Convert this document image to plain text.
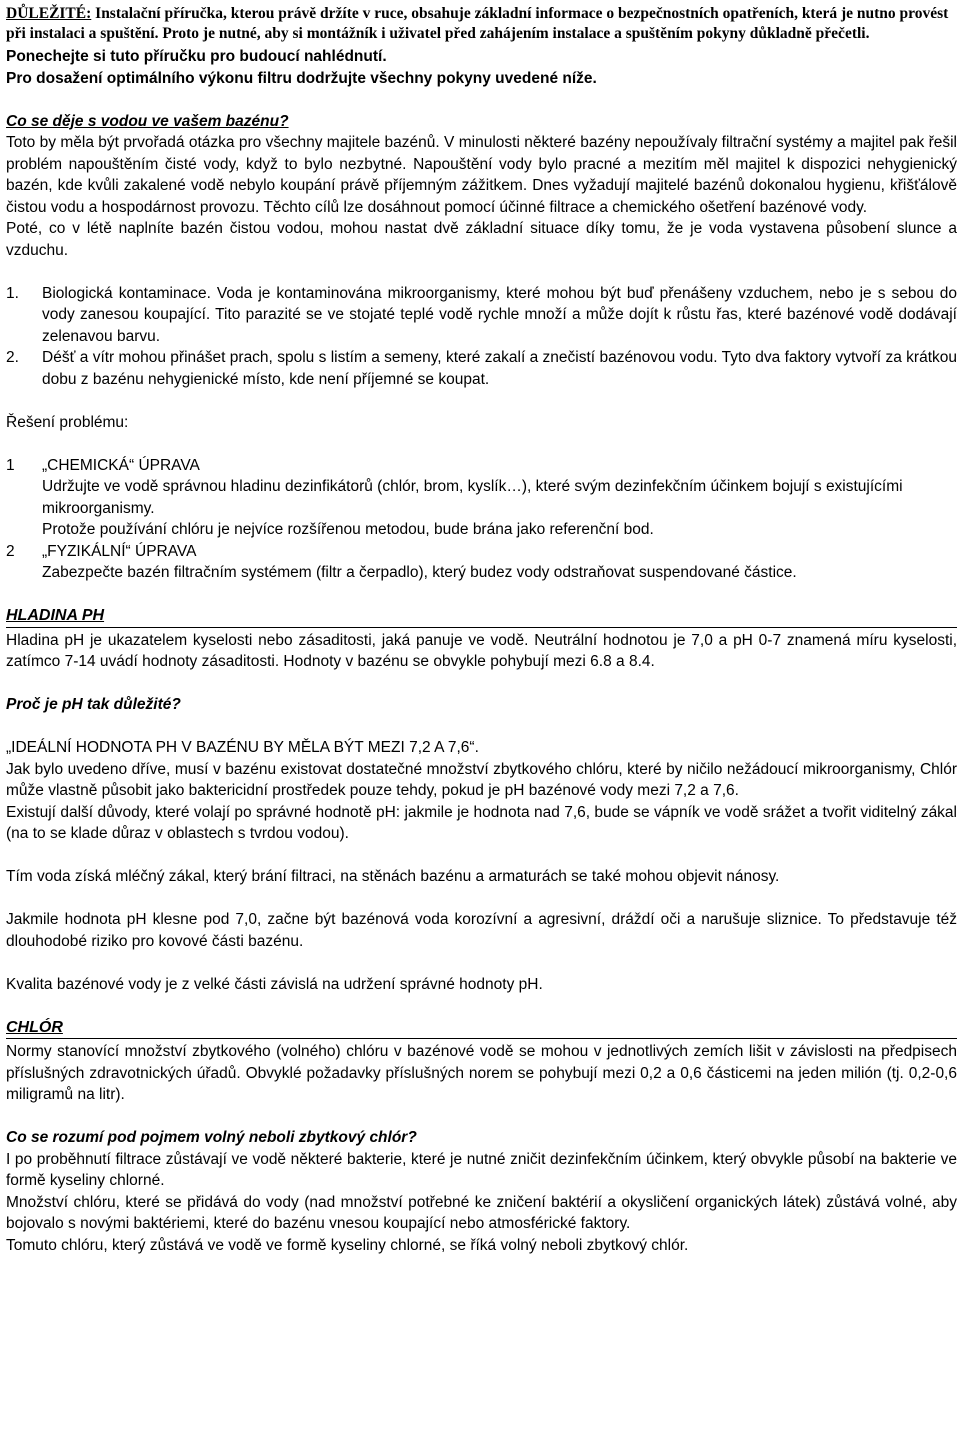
DŮLEŽITÉ: Instalační příručka, kterou právě držíte v ruce, obsahuje základní informace o bezpečnostních opatřeních, která je nutno provést při instalaci a spuštění. Proto je nutné, aby si montážník i uživatel před zahájením instalace a spuštěním pokyny důkladně přečetli.

Ponechejte si tuto příručku pro budoucí nahlédnutí.

Pro dosažení optimálního výkonu filtru dodržujte všechny pokyny uvedené níže.

Co se děje s vodou ve vašem bazénu?

Toto by měla být prvořadá otázka pro všechny majitele bazénů. V minulosti některé bazény nepoužívaly filtrační systémy a majitel pak řešil problém napouštěním čisté vody, když to bylo nezbytné. Napouštění vody bylo pracné a mezitím měl majitel k dispozici nehygienický bazén, kde kvůli zakalené vodě nebylo koupání právě příjemným zážitkem. Dnes vyžadují majitelé bazénů dokonalou hygienu, křišťálově čistou vodu a hospodárnost provozu. Těchto cílů lze dosáhnout pomocí účinné filtrace a chemického ošetření bazénové vody.

Poté, co v létě naplníte bazén čistou vodou, mohou nastat dvě základní situace díky tomu, že je voda vystavena působení slunce a vzduchu.

1. Biologická kontaminace. Voda je kontaminována mikroorganismy, které mohou být buď přenášeny vzduchem, nebo je s sebou do vody zanesou koupající. Tito parazité se ve stojaté teplé vodě rychle množí a může dojít k růstu řas, které bazénové vodě dodávají zelenavou barvu.
2. Déšť a vítr mohou přinášet prach, spolu s listím a semeny, které zakalí a znečistí bazénovou vodu. Tyto dva faktory vytvoří za krátkou dobu z bazénu nehygienické místo, kde není příjemné se koupat.

Řešení problému:

1 „CHEMICKÁ“ ÚPRAVA

Udržujte ve vodě správnou hladinu dezinfikátorů (chlór, brom, kyslík…), které svým dezinfekčním účinkem bojují s existujícími mikroorganismy.

Protože používání chlóru je nejvíce rozšířenou metodou, bude brána jako referenční bod.

2 „FYZIKÁLNÍ“ ÚPRAVA

Zabezpečte bazén filtračním systémem (filtr a čerpadlo), který budez vody odstraňovat suspendované částice.

HLADINA PH

Hladina pH je ukazatelem kyselosti nebo zásaditosti, jaká panuje ve vodě. Neutrální hodnotou je 7,0 a pH 0-7 znamená míru kyselosti, zatímco 7-14 uvádí hodnoty zásaditosti. Hodnoty v bazénu se obvykle pohybují mezi 6.8 a 8.4.

Proč je pH tak důležité?

„IDEÁLNÍ HODNOTA PH V BAZÉNU BY MĚLA BÝT MEZI 7,2 A 7,6“.

Jak bylo uvedeno dříve, musí v bazénu existovat dostatečné množství zbytkového chlóru, které by ničilo nežádoucí mikroorganismy, Chlór může vlastně působit jako baktericidní prostředek pouze tehdy, pokud je pH bazénové vody mezi 7,2 a 7,6.

Existují další důvody, které volají po správné hodnotě pH: jakmile je hodnota nad 7,6, bude se vápník ve vodě srážet a tvořit viditelný zákal (na to se klade důraz v oblastech s tvrdou vodou).

Tím voda získá mléčný zákal, který brání filtraci, na stěnách bazénu a armaturách se také mohou objevit nánosy.

Jakmile hodnota pH klesne pod 7,0, začne být bazénová voda korozívní a agresivní, dráždí oči a narušuje sliznice. To představuje též dlouhodobé riziko pro kovové části bazénu.

Kvalita bazénové vody je z velké části závislá na udržení správné hodnoty pH.

CHLÓR

Normy stanovící množství zbytkového (volného) chlóru v bazénové vodě se mohou v jednotlivých zemích lišit v závislosti na předpisech příslušných zdravotnických úřadů. Obvyklé požadavky příslušných norem se pohybují mezi 0,2 a 0,6 částicemi na jeden milión (tj. 0,2-0,6 miligramů na litr).

Co se rozumí pod pojmem volný neboli zbytkový chlór?

I po proběhnutí filtrace zůstávají ve vodě některé bakterie, které je nutné zničit dezinfekčním účinkem, který obvykle působí na bakterie ve formě kyseliny chlorné.

Množství chlóru, které se přidává do vody (nad množství potřebné ke zničení baktérií a okysličení organických látek) zůstává volné, aby bojovalo s novými baktériemi, které do bazénu vnesou koupající nebo atmosférické faktory.

Tomuto chlóru, který zůstává ve vodě ve formě kyseliny chlorné, se říká volný neboli zbytkový chlór.
